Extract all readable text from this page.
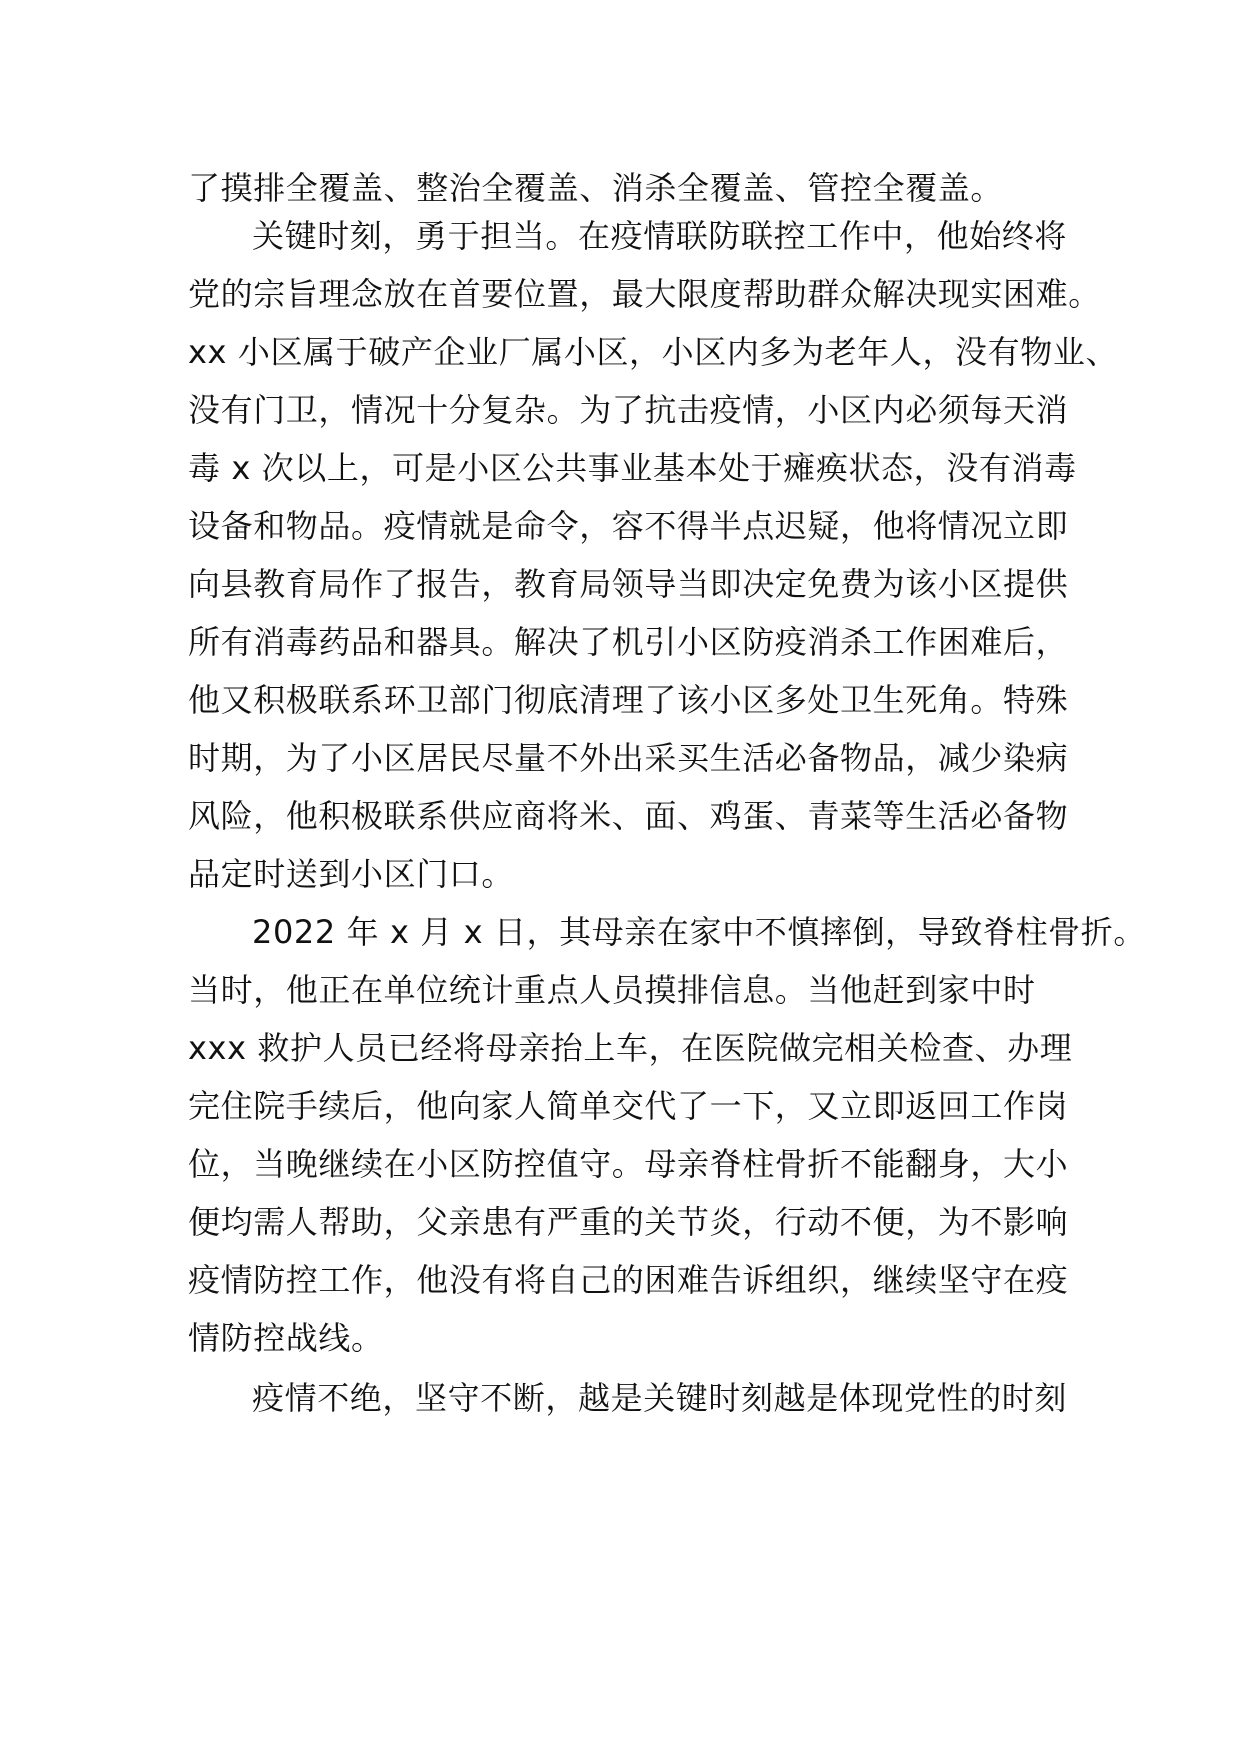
了摸排全覆盖、整治全覆盖、消杀全覆盖、管控全覆盖。
关键时刻，勇于担当。在疫情联防联控工作中，他始终将
党的宗旨理念放在首要位置，最大限度帮助群众解决现实困难。
xx 小区属于破产企业厂属小区，小区内多为老年人，没有物业、
没有门卫，情况十分复杂。为了抗击疫情，小区内必须每天消
毒 x 次以上，可是小区公共事业基本处于瘫痪状态，没有消毒
设备和物品。疫情就是命令，容不得半点迟疑，他将情况立即
向县教育局作了报告，教育局领导当即决定免费为该小区提供
所有消毒药品和器具。解决了机引小区防疫消杀工作困难后，
他又积极联系环卫部门彻底清理了该小区多处卫生死角。特殊
时期，为了小区居民尽量不外出采买生活必备物品，减少染病
风险，他积极联系供应商将米、面、鸡蛋、青菜等生活必备物
品定时送到小区门口。
2022 年 x 月 x 日，其母亲在家中不慎摔倒，导致脊柱骨折。
当时，他正在单位统计重点人员摸排信息。当他赶到家中时
xxx 救护人员已经将母亲抬上车，在医院做完相关检查、办理
完住院手续后，他向家人简单交代了一下，又立即返回工作岗
位，当晚继续在小区防控值守。母亲脊柱骨折不能翻身，大小
便均需人帮助，父亲患有严重的关节炎，行动不便，为不影响
疫情防控工作，他没有将自己的困难告诉组织，继续坚守在疫
情防控战线。
疫情不绝，坚守不断，越是关键时刻越是体现党性的时刻
